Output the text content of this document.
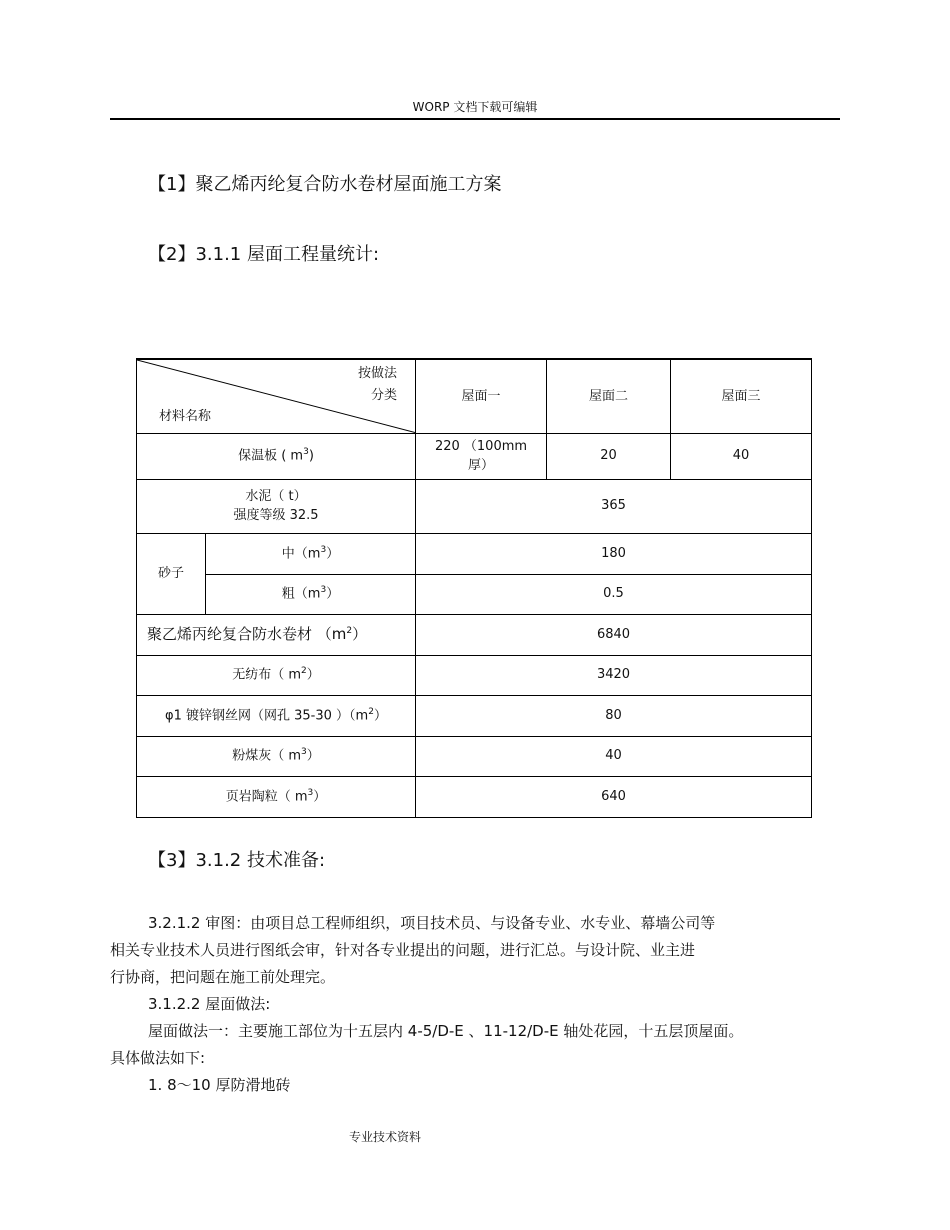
WORP 文档下载可编辑
【1】聚乙烯丙纶复合防水卷材屋面施工方案
【2】3.1.1 屋面工程量统计:
按做法
分类
材料名称		屋面一	屋面二	屋面三
保温板 ( $m^3$)		220 （100mm
厚）	20	40
水泥（ t）
强度等级 32.5		365		
砂子	中$(m^3)$	180		
	粗$(m^3)$	0.5		
聚乙烯丙纶复合防水卷材 $(m^2)$		6840		
无纺布（ $m^2$）		3420		
φ1 镀锌钢丝网（网孔 35-30 ）$(m^2)$		80		
粉煤灰（ $m^3$）		40		
页岩陶粒（ $m^3$）		640		
【3】3.1.2 技术准备:
3.2.1.2 审图：由项目总工程师组织，项目技术员、与设备专业、水专业、幕墙公司等
相关专业技术人员进行图纸会审，针对各专业提出的问题，进行汇总。与设计院、业主进
行协商，把问题在施工前处理完。
3.1.2.2 屋面做法:
屋面做法一：主要施工部位为十五层内 4-5/D-E 、11-12/D-E 轴处花园，十五层顶屋面。
具体做法如下:
1. 8～10 厚防滑地砖
专业技术资料
